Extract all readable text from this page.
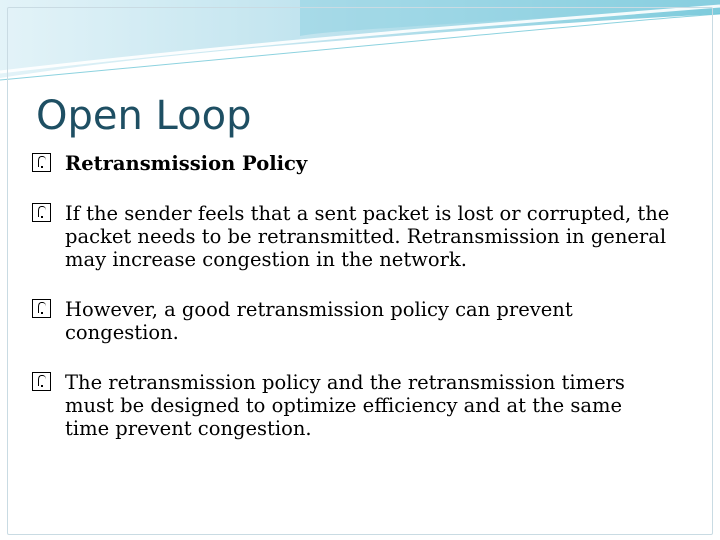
Open Loop
Retransmission Policy
If the sender feels that a sent packet is lost or corrupted, the packet needs to be retransmitted. Retransmission in general may increase congestion in the network.
However, a good retransmission policy can prevent congestion.
The retransmission policy and the retransmission timers must be designed to optimize efficiency and at the same time prevent congestion.
